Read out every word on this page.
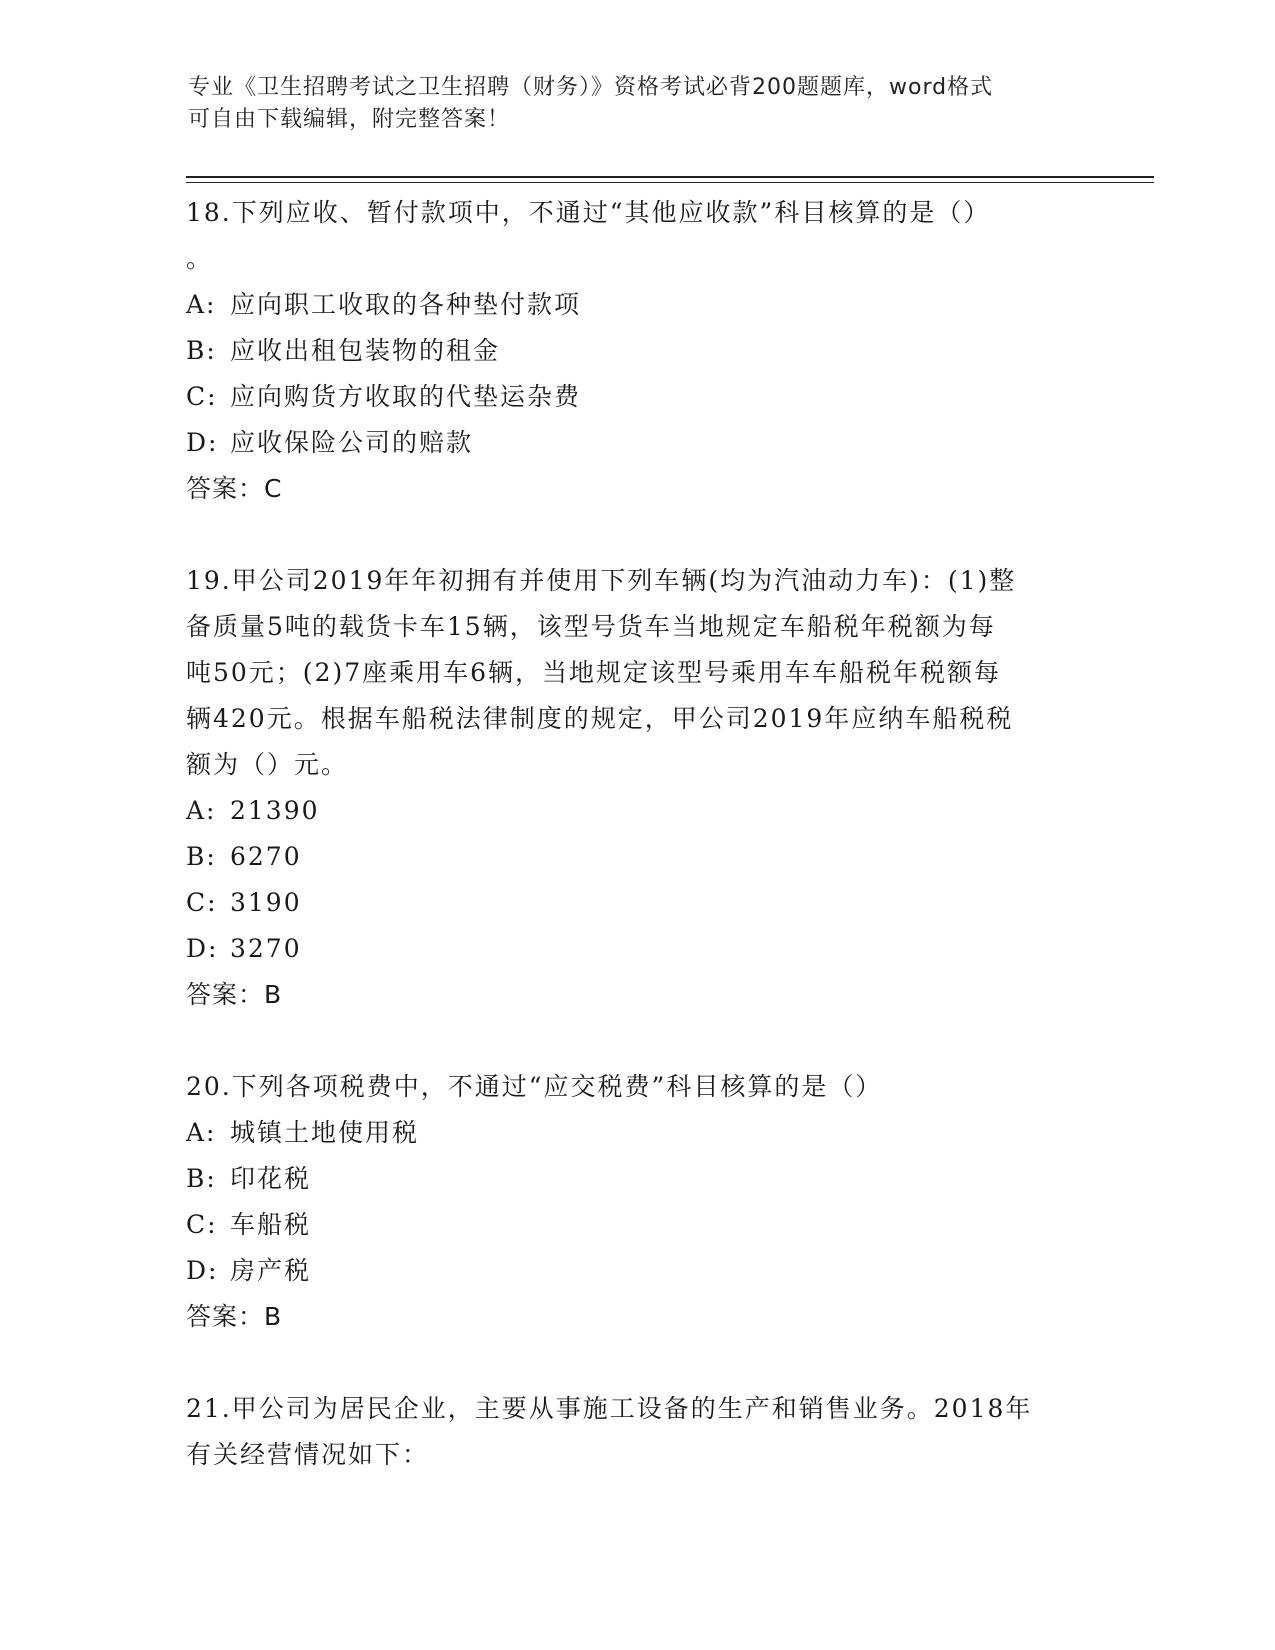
专业《卫生招聘考试之卫生招聘（财务）》资格考试必背200题题库，word格式
可自由下载编辑，附完整答案！

18.下列应收、暂付款项中，不通过“其他应收款”科目核算的是（）

。

A: 应向职工收取的各种垫付款项
B: 应收出租包装物的租金
C: 应向购货方收取的代垫运杂费
D: 应收保险公司的赔款

答案：C

19.甲公司2019年年初拥有并使用下列车辆(均为汽油动力车)：(1)整

备质量5吨的载货卡车15辆，该型号货车当地规定车船税年税额为每

吨50元；(2)7座乘用车6辆，当地规定该型号乘用车车船税年税额每

辆420元。根据车船税法律制度的规定，甲公司2019年应纳车船税税

额为（）元。

A: 21390
B: 6270
C: 3190
D: 3270

答案：B

20.下列各项税费中，不通过“应交税费”科目核算的是（）

A: 城镇土地使用税
B: 印花税
C: 车船税
D: 房产税

答案：B

21.甲公司为居民企业，主要从事施工设备的生产和销售业务。2018年

有关经营情况如下：
